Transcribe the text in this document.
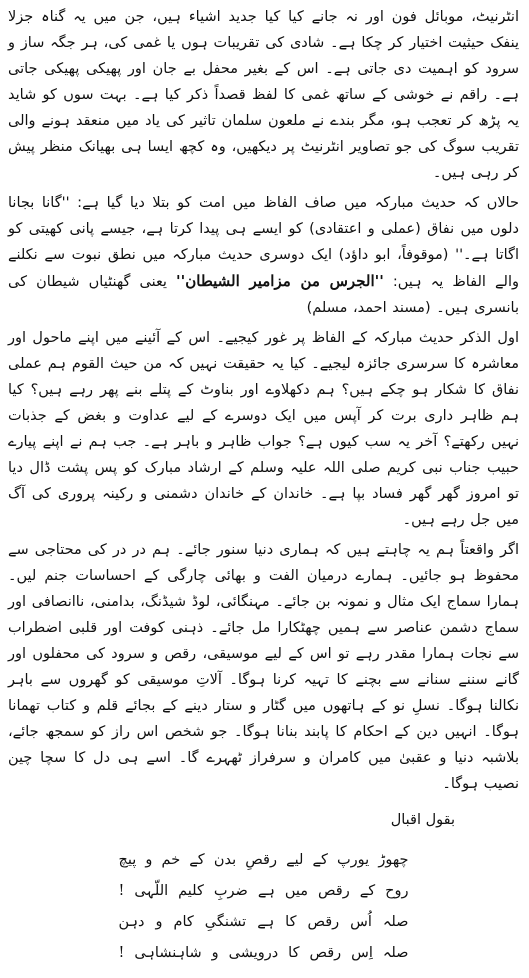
انٹرنیٹ، موبائل فون اور نہ جانے کیا کیا جدید اشیاء ہیں، جن میں یہ گناہ جزلا ینفک حیثیت اختیار کر چکا ہے۔ شادی کی تقریبات ہوں یا غمی کی، ہر جگہ ساز و سرود کو اہمیت دی جاتی ہے۔ اس کے بغیر محفل بے جان اور پھیکی پھیکی جاتی ہے۔ راقم نے خوشی کے ساتھ غمی کا لفظ قصداً ذکر کیا ہے۔ بہت سوں کو شاید یہ پڑھ کر تعجب ہو، مگر بندے نے ملعون سلمان تاثیر کی یاد میں منعقد ہونے والی تقریب سوگ کی جو تصاویر انٹرنیٹ پر دیکھیں، وہ کچھ ایسا ہی بھیانک منظر پیش کر رہی ہیں۔

حالاں کہ حدیث مبارکہ میں صاف الفاظ میں امت کو بتلا دیا گیا ہے: ''گانا بجانا دلوں میں نفاق (عملی و اعتقادی) کو ایسے ہی پیدا کرتا ہے، جیسے پانی کھیتی کو اگاتا ہے۔'' (موقوفاً، ابو داؤد) ایک دوسری حدیث مبارکہ میں نطق نبوت سے نکلنے والے الفاظ یہ ہیں: ''الجرس من مزامیر الشیطان'' یعنی گھنٹیاں شیطان کی بانسری ہیں۔ (مسند احمد، مسلم)

اول الذکر حدیث مبارکہ کے الفاظ پر غور کیجیے۔ اس کے آئینے میں اپنے ماحول اور معاشرہ کا سرسری جائزہ لیجیے۔ کیا یہ حقیقت نہیں کہ من حیث القوم ہم عملی نفاق کا شکار ہو چکے ہیں؟ ہم دکھلاوے اور بناوٹ کے پتلے بنے پھر رہے ہیں؟ کیا ہم ظاہر داری برت کر آپس میں ایک دوسرے کے لیے عداوت و بغض کے جذبات نہیں رکھتے؟ آخر یہ سب کیوں ہے؟ جواب ظاہر و باہر ہے۔ جب ہم نے اپنے پیارے حبیب جناب نبی کریم صلی اللہ علیہ وسلم کے ارشاد مبارک کو پس پشت ڈال دیا تو امروز گھر گھر فساد بپا ہے۔ خاندان کے خاندان دشمنی و رکینہ پروری کی آگ میں جل رہے ہیں۔

اگر واقعتاً ہم یہ چاہتے ہیں کہ ہماری دنیا سنور جائے۔ ہم در در کی محتاجی سے محفوظ ہو جائیں۔ ہمارے درمیان الفت و بھائی چارگی کے احساسات جنم لیں۔ ہمارا سماج ایک مثال و نمونہ بن جائے۔ مہنگائی، لوڈ شیڈنگ، بدامنی، ناانصافی اور سماج دشمن عناصر سے ہمیں چھٹکارا مل جائے۔ ذہنی کوفت اور قلبی اضطراب سے نجات ہمارا مقدر رہے تو اس کے لیے موسیقی، رقص و سرود کی محفلوں اور گانے سننے سنانے سے بچنے کا تہیہ کرنا ہوگا۔ آلاتِ موسیقی کو گھروں سے باہر نکالنا ہوگا۔ نسلِ نو کے ہاتھوں میں گٹار و ستار دینے کے بجائے قلم و کتاب تھمانا ہوگا۔ انہیں دین کے احکام کا پابند بنانا ہوگا۔ جو شخص اس راز کو سمجھ جائے، بلاشبہ دنیا و عقبیٰ میں کامران و سرفراز ٹھہرے گا۔ اسے ہی دل کا سچا چین نصیب ہوگا۔

بقول اقبال
چھوڑ یورپ کے لیے رقصِ بدن کے خم و پیچ
روح کے رقص میں ہے ضربِ کلیم اللّہی !
صلہ اُس رقص کا ہے تشنگیِ کام و دہن
صلہ اِس رقص کا درویشی و شاہنشاہی !
